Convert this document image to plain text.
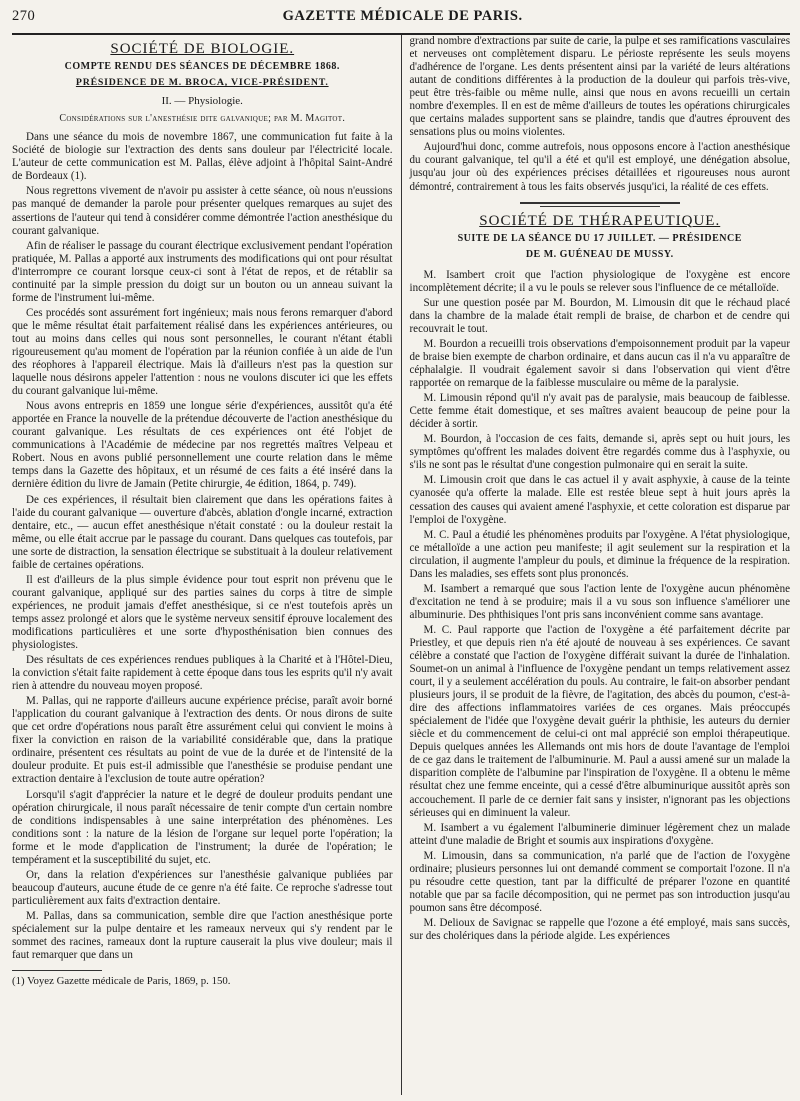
270	GAZETTE MÉDICALE DE PARIS.
SOCIÉTÉ DE BIOLOGIE.
COMPTE RENDU DES SÉANCES DE DÉCEMBRE 1868.
PRÉSIDENCE DE M. BROCA, VICE-PRÉSIDENT.
II. — Physiologie.
Considérations sur l'anesthésie dite galvanique; par M. Magitot.

Dans une séance du mois de novembre 1867, une communication fut faite à la Société de biologie sur l'extraction des dents sans douleur par l'électricité locale. L'auteur de cette communication est M. Pallas, élève adjoint à l'hôpital Saint-André de Bordeaux (1).

Nous regrettons vivement de n'avoir pu assister à cette séance, où nous n'eussions pas manqué de demander la parole pour présenter quelques remarques au sujet des assertions de l'auteur qui tend à considérer comme démontrée l'action anesthésique du courant galvanique.

Afin de réaliser le passage du courant électrique exclusivement pendant l'opération pratiquée, M. Pallas a apporté aux instruments des modifications qui ont pour résultat d'interrompre ce courant lorsque ceux-ci sont à l'état de repos, et de rétablir sa continuité par la simple pression du doigt sur un bouton ou un anneau suivant la forme de l'instrument lui-même.

Ces procédés sont assurément fort ingénieux; mais nous ferons remarquer d'abord que le même résultat était parfaitement réalisé dans les expériences antérieures, ou tout au moins dans celles qui nous sont personnelles, le courant n'étant établi rigoureusement qu'au moment de l'opération par la réunion confiée à un aide de l'un des réophores à l'appareil électrique. Mais là d'ailleurs n'est pas la question sur laquelle nous désirons appeler l'attention : nous ne voulons discuter ici que les effets du courant galvanique lui-même.

Nous avons entrepris en 1859 une longue série d'expériences, aussitôt qu'a été apportée en France la nouvelle de la prétendue découverte de l'action anesthésique du courant galvanique. Les résultats de ces expériences ont été l'objet de communications à l'Académie de médecine par nos regrettés maîtres Velpeau et Robert. Nous en avons publié personnellement une courte relation dans le même temps dans la Gazette des hôpitaux, et un résumé de ces faits a été inséré dans la dernière édition du livre de Jamain (Petite chirurgie, 4e édition, 1864, p. 749).

De ces expériences, il résultait bien clairement que dans les opérations faites à l'aide du courant galvanique — ouverture d'abcès, ablation d'ongle incarné, extraction dentaire, etc., — aucun effet anesthésique n'était constaté : ou la douleur restait la même, ou elle était accrue par le passage du courant. Dans quelques cas toutefois, par une sorte de distraction, la sensation électrique se substituait à la douleur relativement faible de certaines opérations.

Il est d'ailleurs de la plus simple évidence pour tout esprit non prévenu que le courant galvanique, appliqué sur des parties saines du corps à titre de simple expériences, ne produit jamais d'effet anesthésique, si ce n'est toutefois après un temps assez prolongé et alors que le système nerveux sensitif éprouve localement des modifications particulières et une sorte d'hyposthénisation bien connues des physiologistes.

Des résultats de ces expériences rendues publiques à la Charité et à l'Hôtel-Dieu, la conviction s'était faite rapidement à cette époque dans tous les esprits qu'il n'y avait rien à attendre du nouveau moyen proposé.

M. Pallas, qui ne rapporte d'ailleurs aucune expérience précise, paraît avoir borné l'application du courant galvanique à l'extraction des dents. Or nous dirons de suite que cet ordre d'opérations nous paraît être assurément celui qui convient le moins à fixer la conviction en raison de la variabilité considérable que, dans la pratique ordinaire, présentent ces résultats au point de vue de la durée et de l'intensité de la douleur produite. Et puis est-il admissible que l'anesthésie se produise pendant une extraction dentaire à l'exclusion de toute autre opération?

Lorsqu'il s'agit d'apprécier la nature et le degré de douleur produits pendant une opération chirurgicale, il nous paraît nécessaire de tenir compte d'un certain nombre de conditions indispensables à une saine interprétation des phénomènes. Les conditions sont : la nature de la lésion de l'organe sur lequel porte l'opération; la forme et le mode d'application de l'instrument; la durée de l'opération; le tempérament et la susceptibilité du sujet, etc.

Or, dans la relation d'expériences sur l'anesthésie galvanique publiées par beaucoup d'auteurs, aucune étude de ce genre n'a été faite. Ce reproche s'adresse tout particulièrement aux faits d'extraction dentaire.

M. Pallas, dans sa communication, semble dire que l'action anesthésique porte spécialement sur la pulpe dentaire et les rameaux nerveux qui s'y rendent par le sommet des racines, rameaux dont la rupture causerait la plus vive douleur; mais il faut remarquer que dans un

(1) Voyez Gazette médicale de Paris, 1869, p. 150.

grand nombre d'extractions par suite de carie, la pulpe et ses ramifications vasculaires et nerveuses ont complètement disparu. Le périoste représente les seuls moyens d'adhérence de l'organe. Les dents présentent ainsi par la variété de leurs altérations autant de conditions différentes à la production de la douleur qui parfois très-vive, peut être très-faible ou même nulle, ainsi que nous en avons recueilli un certain nombre d'exemples. Il en est de même d'ailleurs de toutes les opérations chirurgicales que certains malades supportent sans se plaindre, tandis que d'autres éprouvent des sensations plus ou moins violentes.

Aujourd'hui donc, comme autrefois, nous opposons encore à l'action anesthésique du courant galvanique, tel qu'il a été et qu'il est employé, une dénégation absolue, jusqu'au jour où des expériences précises détaillées et rigoureuses nous auront démontré, contrairement à tous les faits observés jusqu'ici, la réalité de ces effets.

SOCIÉTÉ DE THÉRAPEUTIQUE.
SUITE DE LA SÉANCE DU 17 JUILLET. — PRÉSIDENCE
DE M. GUÉNEAU DE MUSSY.

M. Isambert croit que l'action physiologique de l'oxygène est encore incomplètement décrite; il a vu le pouls se relever sous l'influence de ce métalloïde.

Sur une question posée par M. Bourdon, M. Limousin dit que le réchaud placé dans la chambre de la malade était rempli de braise, de charbon et de cendre qui recouvrait le tout.

M. Bourdon a recueilli trois observations d'empoisonnement produit par la vapeur de braise bien exempte de charbon ordinaire, et dans aucun cas il n'a vu apparaître de céphalalgie. Il voudrait également savoir si dans l'observation qui vient d'être rapportée on remarque de la faiblesse musculaire ou même de la paralysie.

M. Limousin répond qu'il n'y avait pas de paralysie, mais beaucoup de faiblesse. Cette femme était domestique, et ses maîtres avaient beaucoup de peine pour la décider à sortir.

M. Bourdon, à l'occasion de ces faits, demande si, après sept ou huit jours, les symptômes qu'offrent les malades doivent être regardés comme dus à l'asphyxie, ou s'ils ne sont pas le résultat d'une congestion pulmonaire qui en serait la suite.

M. Limousin croit que dans le cas actuel il y avait asphyxie, à cause de la teinte cyanosée qu'a offerte la malade. Elle est restée bleue sept à huit jours après la cessation des causes qui avaient amené l'asphyxie, et cette coloration est disparue par l'emploi de l'oxygène.

M. C. Paul a étudié les phénomènes produits par l'oxygène. A l'état physiologique, ce métalloïde a une action peu manifeste; il agit seulement sur la respiration et la circulation, il augmente l'ampleur du pouls, et diminue la fréquence de la respiration. Dans les maladies, ses effets sont plus prononcés.

M. Isambert a remarqué que sous l'action lente de l'oxygène aucun phénomène d'excitation ne tend à se produire; mais il a vu sous son influence s'améliorer une albuminurie. Des phthisiques l'ont pris sans inconvénient comme sans avantage.

M. C. Paul rapporte que l'action de l'oxygène a été parfaitement décrite par Priestley, et que depuis rien n'a été ajouté de nouveau à ses expériences. Ce savant célèbre a constaté que l'action de l'oxygène différait suivant la durée de l'inhalation. Soumet-on un animal à l'influence de l'oxygène pendant un temps relativement assez court, il y a seulement accélération du pouls. Au contraire, le fait-on absorber pendant plusieurs jours, il se produit de la fièvre, de l'agitation, des abcès du poumon, c'est-à-dire des affections inflammatoires variées de ces organes. Mais préoccupés spécialement de l'idée que l'oxygène devait guérir la phthisie, les auteurs du dernier siècle et du commencement de celui-ci ont mal apprécié son emploi thérapeutique. Depuis quelques années les Allemands ont mis hors de doute l'avantage de l'emploi de ce gaz dans le traitement de l'albuminurie. M. Paul a aussi amené sur un malade la disparition complète de l'albumine par l'inspiration de l'oxygène. Il a obtenu le même résultat chez une femme enceinte, qui a cessé d'être albuminurique aussitôt après son accouchement. Il parle de ce dernier fait sans y insister, n'ignorant pas les objections sérieuses qui en diminuent la valeur.

M. Isambert a vu également l'albuminerie diminuer légèrement chez un malade atteint d'une maladie de Bright et soumis aux inspirations d'oxygène.

M. Limousin, dans sa communication, n'a parlé que de l'action de l'oxygène ordinaire; plusieurs personnes lui ont demandé comment se comportait l'ozone. Il n'a pu résoudre cette question, tant par la difficulté de préparer l'ozone en quantité notable que par sa facile décomposition, qui ne permet pas son introduction jusqu'au poumon sans être décomposé.

M. Delioux de Savignac se rappelle que l'ozone a été employé, mais sans succès, sur des cholériques dans la période algide. Les expériences
